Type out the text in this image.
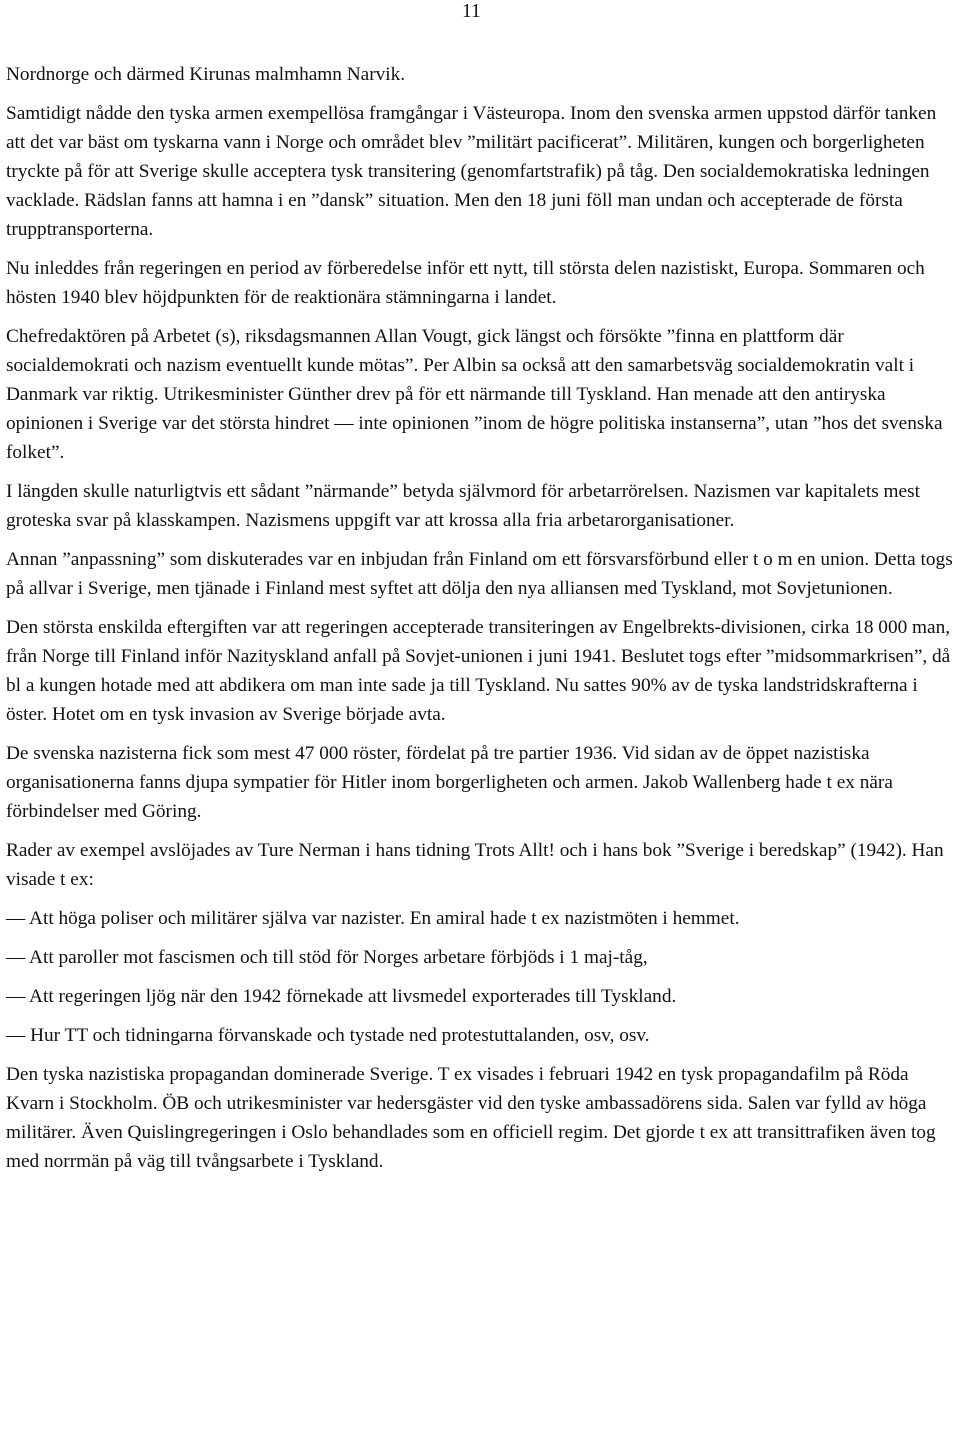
11

Nordnorge och därmed Kirunas malmhamn Narvik.

Samtidigt nådde den tyska armen exempellösa framgångar i Västeuropa. Inom den svenska armen uppstod därför tanken att det var bäst om tyskarna vann i Norge och området blev ”militärt pacificerat”. Militären, kungen och borgerligheten tryckte på för att Sverige skulle acceptera tysk transitering (genomfartstrafik) på tåg. Den socialdemokratiska ledningen vacklade. Rädslan fanns att hamna i en ”dansk” situation. Men den 18 juni föll man undan och accepterade de första trupptransporterna.

Nu inleddes från regeringen en period av förberedelse inför ett nytt, till största delen nazistiskt, Europa. Sommaren och hösten 1940 blev höjdpunkten för de reaktionära stämningarna i landet.

Chefredaktören på Arbetet (s), riksdagsmannen Allan Vougt, gick längst och försökte ”finna en plattform där socialdemokrati och nazism eventuellt kunde mötas”. Per Albin sa också att den samarbetsväg socialdemokratin valt i Danmark var riktig. Utrikesminister Günther drev på för ett närmande till Tyskland. Han menade att den antiryska opinionen i Sverige var det största hindret — inte opinionen ”inom de högre politiska instanserna”, utan ”hos det svenska folket”.

I längden skulle naturligtvis ett sådant ”närmande” betyda självmord för arbetarrörelsen. Nazismen var kapitalets mest groteska svar på klasskampen. Nazismens uppgift var att krossa alla fria arbetarorganisationer.

Annan ”anpassning” som diskuterades var en inbjudan från Finland om ett försvarsförbund eller t o m en union. Detta togs på allvar i Sverige, men tjänade i Finland mest syftet att dölja den nya alliansen med Tyskland, mot Sovjetunionen.

Den största enskilda eftergiften var att regeringen accepterade transiteringen av Engelbrekts-divisionen, cirka 18 000 man, från Norge till Finland inför Nazityskland anfall på Sovjet-unionen i juni 1941. Beslutet togs efter ”midsommarkrisen”, då bl a kungen hotade med att abdikera om man inte sade ja till Tyskland. Nu sattes 90% av de tyska landstridskrafterna i öster. Hotet om en tysk invasion av Sverige började avta.

De svenska nazisterna fick som mest 47 000 röster, fördelat på tre partier 1936. Vid sidan av de öppet nazistiska organisationerna fanns djupa sympatier för Hitler inom borgerligheten och armen. Jakob Wallenberg hade t ex nära förbindelser med Göring.

Rader av exempel avslöjades av Ture Nerman i hans tidning Trots Allt! och i hans bok ”Sverige i beredskap” (1942). Han visade t ex:

— Att höga poliser och militärer själva var nazister. En amiral hade t ex nazistmöten i hemmet.

— Att paroller mot fascismen och till stöd för Norges arbetare förbjöds i 1 maj-tåg,

— Att regeringen ljög när den 1942 förnekade att livsmedel exporterades till Tyskland.

— Hur TT och tidningarna förvanskade och tystade ned protestuttalanden, osv, osv.

Den tyska nazistiska propagandan dominerade Sverige. T ex visades i februari 1942 en tysk propagandafilm på Röda Kvarn i Stockholm. ÖB och utrikesminister var hedersgäster vid den tyske ambassadörens sida. Salen var fylld av höga militärer. Även Quislingregeringen i Oslo behandlades som en officiell regim. Det gjorde t ex att transittrafiken även tog med norrmän på väg till tvångsarbete i Tyskland.
